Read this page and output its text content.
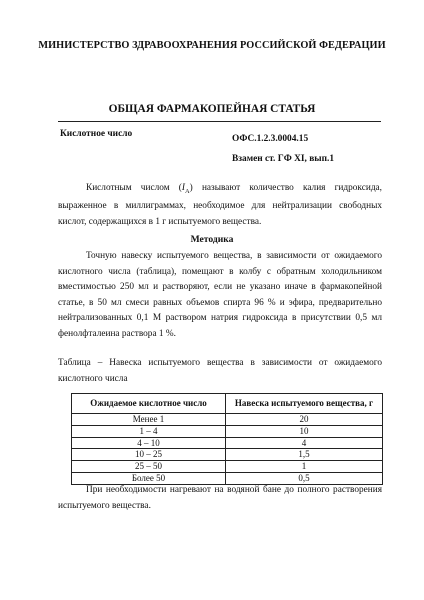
МИНИСТЕРСТВО ЗДРАВООХРАНЕНИЯ РОССИЙСКОЙ ФЕДЕРАЦИИ
ОБЩАЯ ФАРМАКОПЕЙНАЯ СТАТЬЯ
Кислотное число	ОФС.1.2.3.0004.15
Взамен ст. ГФ XI, вып.1

Кислотным числом $(I_А)$ называют количество калия гидроксида, выраженное в миллиграммах, необходимое для нейтрализации свободных кислот, содержащихся в 1 г испытуемого вещества.

Методика

Точную навеску испытуемого вещества, в зависимости от ожидаемого кислотного числа (таблица), помещают в колбу с обратным холодильником вместимостью 250 мл и растворяют, если не указано иначе в фармакопейной статье, в 50 мл смеси равных объемов спирта 96 % и эфира, предварительно нейтрализованных 0,1 М раствором натрия гидроксида в присутствии 0,5 мл фенолфталеина раствора 1 %.

Таблица – Навеска испытуемого вещества в зависимости от ожидаемого кислотного числа

Ожидаемое кислотное число	Навеска испытуемого вещества, г
Менее 1	20
1 – 4	10
4 – 10	4
10 – 25	1,5
25 – 50	1
Более 50	0,5

При необходимости нагревают на водяной бане до полного растворения испытуемого вещества.
